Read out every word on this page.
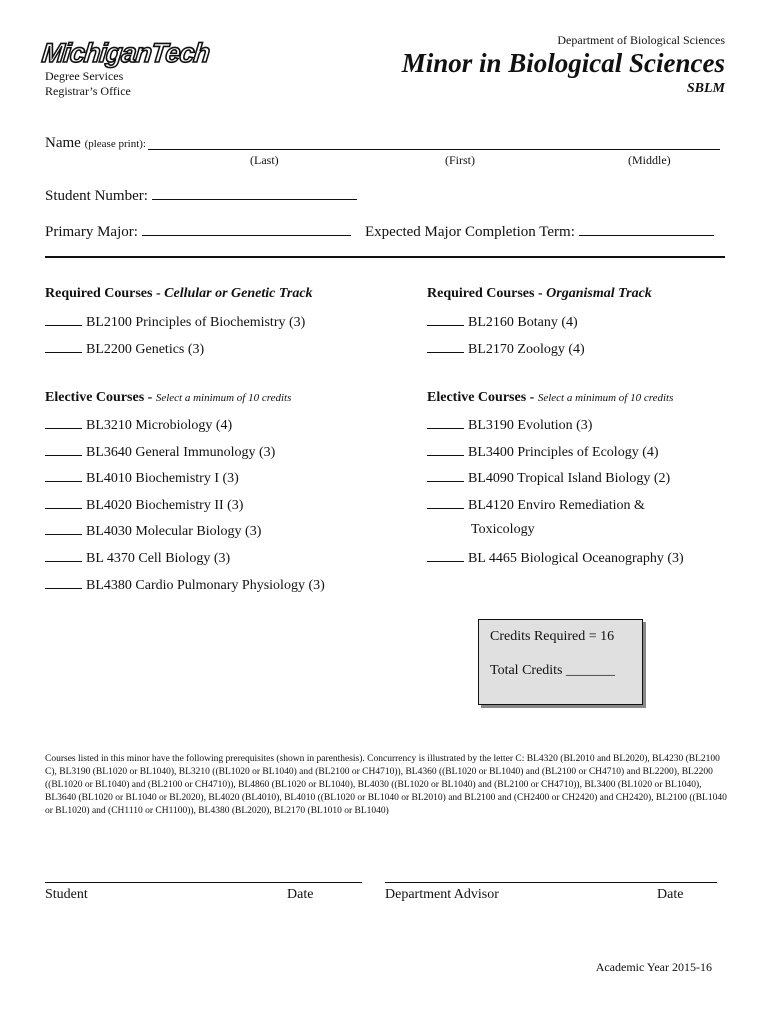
MichiganTech
Degree Services
Registrar’s Office
Department of Biological Sciences
Minor in Biological Sciences
SBLM
Name (please print):
(Last)	(First)	(Middle)
Student Number:
Primary Major:	Expected Major Completion Term:
Required Courses - Cellular or Genetic Track	Required Courses - Organismal Track
BL2100 Principles of Biochemistry (3)
BL2200 Genetics (3)
BL2160 Botany (4)
BL2170 Zoology (4)
Elective Courses - Select a minimum of 10 credits	Elective Courses - Select a minimum of 10 credits
BL3210 Microbiology (4)
BL3640 General Immunology (3)
BL4010 Biochemistry I (3)
BL4020 Biochemistry II (3)
BL4030 Molecular Biology (3)
BL 4370 Cell Biology (3)
BL4380 Cardio Pulmonary Physiology (3)
BL3190 Evolution (3)
BL3400 Principles of Ecology (4)
BL4090 Tropical Island Biology (2)
BL4120 Enviro Remediation &
Toxicology
BL 4465 Biological Oceanography (3)
Credits Required = 16
Total Credits _______
Courses listed in this minor have the following prerequisites (shown in parenthesis). Concurrency is illustrated by the letter C: BL4320 (BL2010 and BL2020), BL4230 (BL2100 C), BL3190 (BL1020 or BL1040), BL3210 ((BL1020 or BL1040) and (BL2100 or CH4710)), BL4360 ((BL1020 or BL1040) and (BL2100 or CH4710) and BL2200), BL2200 ((BL1020 or BL1040) and (BL2100 or CH4710)), BL4860 (BL1020 or BL1040), BL4030 ((BL1020 or BL1040) and (BL2100 or CH4710)), BL3400 (BL1020 or BL1040), BL3640 (BL1020 or BL1040 or BL2020), BL4020 (BL4010), BL4010 ((BL1020 or BL1040 or BL2010) and BL2100 and (CH2400 or CH2420) and CH2420), BL2100 ((BL1040 or BL1020) and (CH1110 or CH1100)), BL4380 (BL2020), BL2170 (BL1010 or BL1040)
Student	Date	Department Advisor	Date
Academic Year 2015-16
